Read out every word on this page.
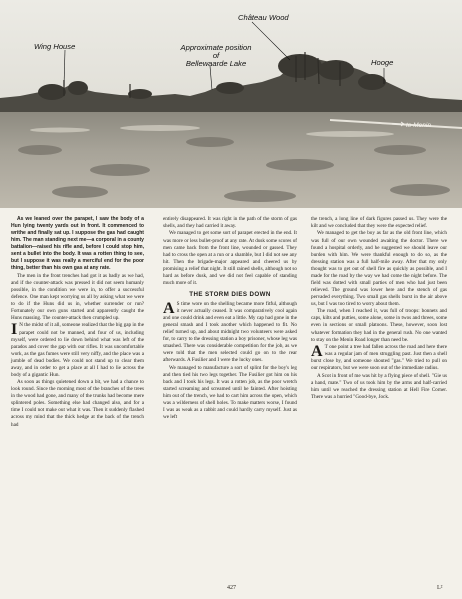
Château Wood
Wing House	Approximate position
of
Bellewaarde Lake	Hooge
to Menin

As we leaned over the parapet, I saw the body of a Hun lying twenty yards out in front. It commenced to writhe and finally sat up. I suppose the gas had caught him. The man standing next me—a corporal in a county battalion—raised his rifle and, before I could stop him, sent a bullet into the body. It was a rotten thing to see, but I suppose it was really a merciful end for the poor thing, better than his own gas at any rate.

The men in the front trenches had got it as badly as we had, and if the counter-attack was pressed it did not seem humanly possible, in the condition we were in, to offer a successful defence. One man kept worrying us all by asking what we were to do if the Huns did us in, whether surrender or run? Fortunately our own guns started and apparently caught the Huns massing. The counter-attack then crumpled up.

I N the midst of it all, someone realized that the big gap in the parapet could not be manned, and four of us, including myself, were ordered to lie down behind what was left of the parados and cover the gap with our rifles. It was uncomfortable work, as the gas fumes were still very niffy, and the place was a jumble of dead bodies. We could not stand up to clear them away, and in order to get a place at all I had to lie across the body of a gigantic Hun.

As soon as things quietened down a bit, we had a chance to look round. Since the morning most of the branches of the trees in the wood had gone, and many of the trunks had become mere splintered poles. Something else had changed also, and for a time I could not make out what it was. Then it suddenly flashed across my mind that the thick hedge at the back of the trench had

entirely disappeared. It was right in the path of the storm of gas shells, and they had carried it away.

We managed to get some sort of parapet erected in the end. It was more or less bullet-proof at any rate. At dusk some scores of men came back from the front line, wounded or gassed. They had to cross the open at a run or a shamble, but I did not see any hit. Then the brigade-major appeared and cheered us by promising a relief that night. It still rained shells, although not so hard as before dusk, and we did not feel capable of standing much more of it.

THE STORM DIES DOWN

A S time wore on the shelling became more fitful, although it never actually ceased. It was comparatively cool again and one could drink and even eat a little. My cap had gone in the general smash and I took another which happened to fit. No relief turned up, and about midnight two volunteers were asked for, to carry to the dressing station a boy prisoner, whose leg was smashed. There was considerable competition for the job, as we were told that the men selected could go on to the rear afterwards. A Fusilier and I were the lucky ones.

We managed to manufacture a sort of splint for the boy's leg and then tied his two legs together. The Fusilier got him on his back and I took his legs. It was a rotten job, as the poor wretch started screaming and screamed until he fainted. After hoisting him out of the trench, we had to cart him across the open, which was a wilderness of shell holes. To make matters worse, I found I was as weak as a rabbit and could hardly carry myself. Just as we left

the trench, a long line of dark figures passed us. They were the kilt and we concluded that they were the expected relief.

We managed to get the boy as far as the old front line, which was full of our own wounded awaiting the doctor. There we found a hospital orderly, and he suggested we should leave our burden with him. We were thankful enough to do so, as the dressing station was a full half-mile away. After that my only thought was to get out of shell fire as quickly as possible, and I made for the road by the way we had come the night before. The field was dotted with small parties of men who had just been relieved. The ground was lower here and the stench of gas pervaded everything. Two small gas shells burst in the air above us, but I was too tired to worry about them.

The road, when I reached it, was full of troops: bonnets and caps, kilts and putties, some alone, some in twos and threes, some even in sections or small platoons. These, however, soon lost whatever formation they had in the general rush. No one wanted to stay on the Menin Road longer than need be.

A T one point a tree had fallen across the road and here there was a regular jam of men struggling past. Just then a shell burst close by, and someone shouted "gas." We tried to pull on our respirators, but we were soon out of the immediate radius.

A Scot in front of me was hit by a flying piece of shell. "Gie us a hand, mate." Two of us took him by the arms and half-carried him until we reached the dressing station at Hell Fire Corner. There was a hurried "Good-bye, Jock.

427	L²
